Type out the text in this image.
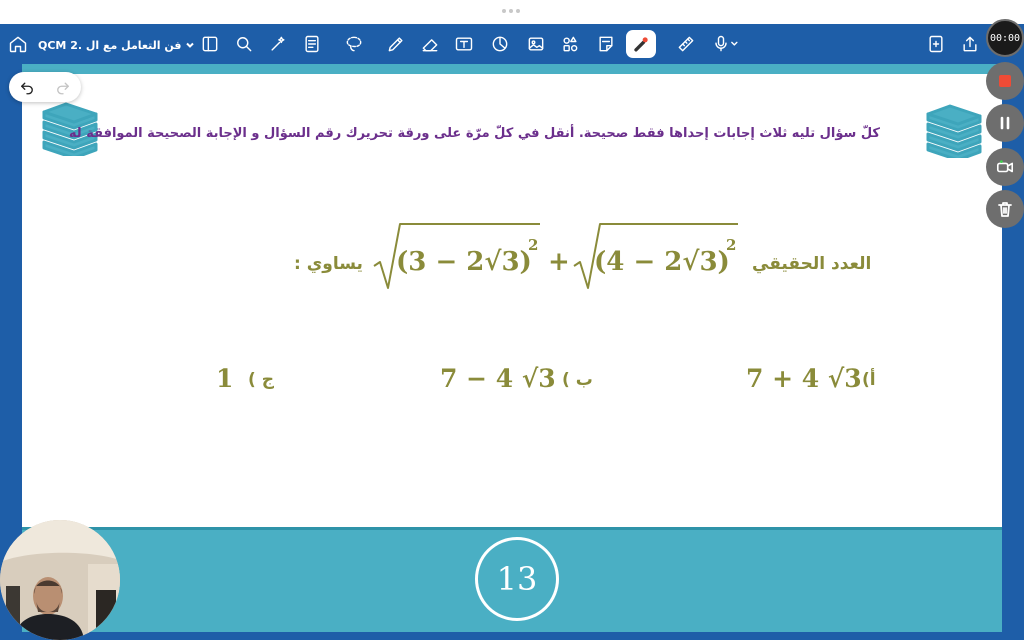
QCM فن التعامل مع ال .2
13
كلّ سؤال تليه ثلاث إجابات إحداها فقط صحيحة. أنقل في كلّ مرّة على ورقة تحريرك رقم السؤال و الإجابة الصحيحة الموافقة له
العدد الحقيقي
(3 − 2√3)
2
+ (4 − 2√3)
2
يساوي :
أ)
7 + 4 √3
ب )
7 − 4 √3
ج )
1
00:00
